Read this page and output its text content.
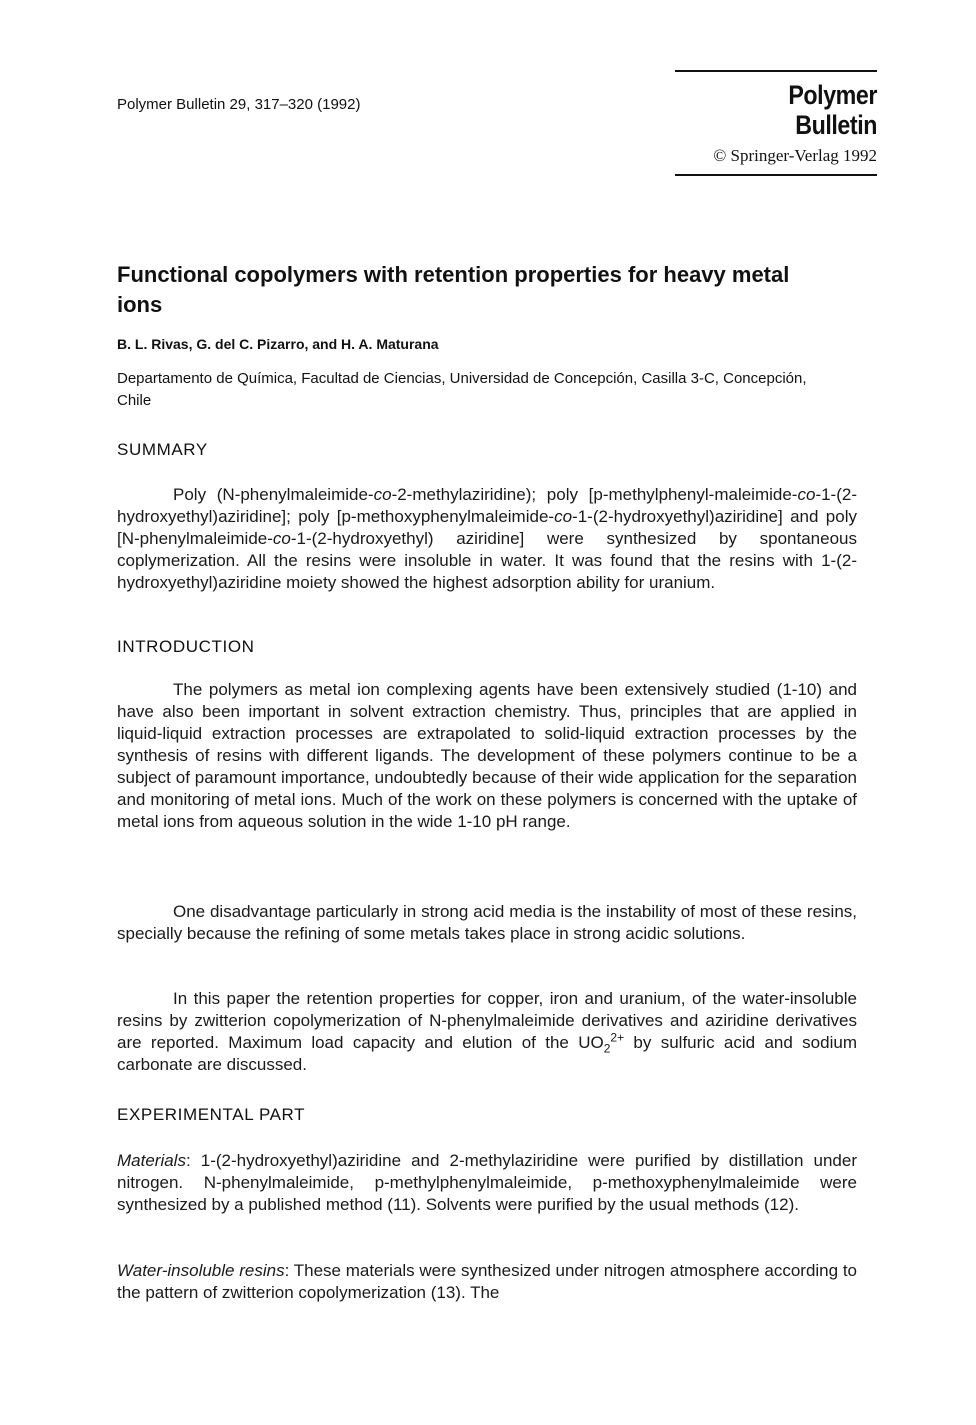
Polymer Bulletin 29, 317–320 (1992)	Polymer Bulletin
© Springer-Verlag 1992
Functional copolymers with retention properties for heavy metal ions
B. L. Rivas, G. del C. Pizarro, and H. A. Maturana
Departamento de Química, Facultad de Ciencias, Universidad de Concepción, Casilla 3-C, Concepción, Chile
SUMMARY
Poly (N-phenylmaleimide-co-2-methylaziridine); poly [p-methylphenyl-maleimide-co-1-(2-hydroxyethyl)aziridine]; poly [p-methoxyphenylmaleimide-co-1-(2-hydroxyethyl)aziridine] and poly [N-phenylmaleimide-co-1-(2-hydroxyethyl) aziridine] were synthesized by spontaneous coplymerization. All the resins were insoluble in water. It was found that the resins with 1-(2-hydroxyethyl)aziridine moiety showed the highest adsorption ability for uranium.
INTRODUCTION
The polymers as metal ion complexing agents have been extensively studied (1-10) and have also been important in solvent extraction chemistry. Thus, principles that are applied in liquid-liquid extraction processes are extrapolated to solid-liquid extraction processes by the synthesis of resins with different ligands. The development of these polymers continue to be a subject of paramount importance, undoubtedly because of their wide application for the separation and monitoring of metal ions. Much of the work on these polymers is concerned with the uptake of metal ions from aqueous solution in the wide 1-10 pH range.
One disadvantage particularly in strong acid media is the instability of most of these resins, specially because the refining of some metals takes place in strong acidic solutions.
In this paper the retention properties for copper, iron and uranium, of the water-insoluble resins by zwitterion copolymerization of N-phenylmaleimide derivatives and aziridine derivatives are reported. Maximum load capacity and elution of the $UO_2^{2+}$ by sulfuric acid and sodium carbonate are discussed.
EXPERIMENTAL PART
Materials: 1-(2-hydroxyethyl)aziridine and 2-methylaziridine were purified by distillation under nitrogen. N-phenylmaleimide, p-methylphenylmaleimide, p-methoxyphenylmaleimide were synthesized by a published method (11). Solvents were purified by the usual methods (12).
Water-insoluble resins: These materials were synthesized under nitrogen atmosphere according to the pattern of zwitterion copolymerization (13). The
